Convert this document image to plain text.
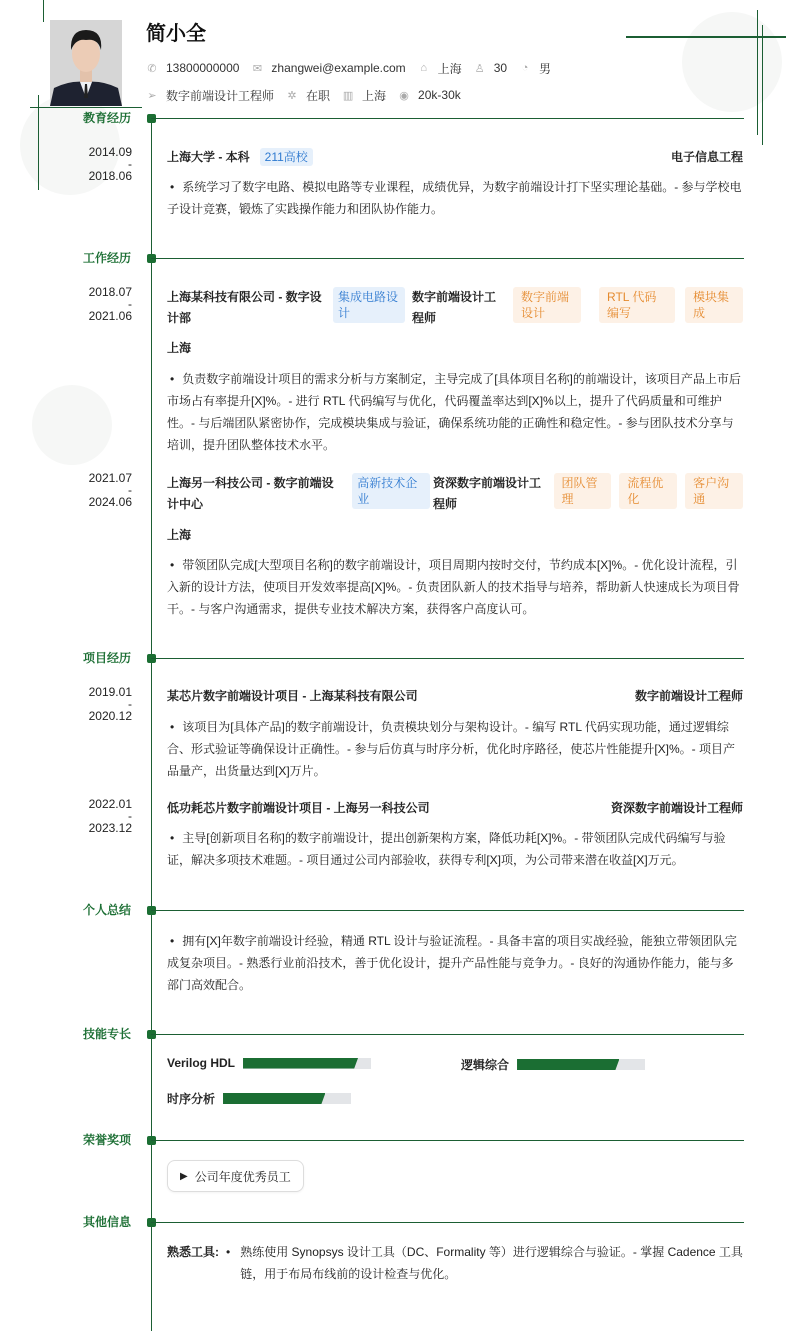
简小全
✆ 13800000000 ✉ zhangwei@example.com ⌂ 上海 ♙ 30 ◔ 男
➢ 数字前端设计工程师 ✲ 在职 ▥ 上海 ◉ 20k-30k
教育经历
2014.09
-
2018.06
上海大学 - 本科	211高校	电子信息工程
• 系统学习了数字电路、模拟电路等专业课程，成绩优异，为数字前端设计打下坚实理论基础。- 参与学校电子设计竞赛，锻炼了实践操作能力和团队协作能力。
工作经历
2018.07
-
2021.06
上海某科技有限公司 - 数字设计部
集成电路设计
数字前端设计工程师
数字前端设计
RTL 代码编写
模块集成
上海
• 负责数字前端设计项目的需求分析与方案制定，主导完成了[具体项目名称]的前端设计，该项目产品上市后市场占有率提升[X]%。- 进行 RTL 代码编写与优化，代码覆盖率达到[X]%以上，提升了代码质量和可维护性。- 与后端团队紧密协作，完成模块集成与验证，确保系统功能的正确性和稳定性。- 参与团队技术分享与培训，提升团队整体技术水平。
2021.07
-
2024.06
上海另一科技公司 - 数字前端设计中心
高新技术企业
资深数字前端设计工程师
团队管理
流程优化
客户沟通
上海
• 带领团队完成[大型项目名称]的数字前端设计，项目周期内按时交付，节约成本[X]%。- 优化设计流程，引入新的设计方法，使项目开发效率提高[X]%。- 负责团队新人的技术指导与培养，帮助新人快速成长为项目骨干。- 与客户沟通需求，提供专业技术解决方案，获得客户高度认可。
项目经历
2019.01
-
2020.12
某芯片数字前端设计项目 - 上海某科技有限公司	数字前端设计工程师
• 该项目为[具体产品]的数字前端设计，负责模块划分与架构设计。- 编写 RTL 代码实现功能，通过逻辑综合、形式验证等确保设计正确性。- 参与后仿真与时序分析，优化时序路径，使芯片性能提升[X]%。- 项目产品量产，出货量达到[X]万片。
2022.01
-
2023.12
低功耗芯片数字前端设计项目 - 上海另一科技公司	资深数字前端设计工程师
• 主导[创新项目名称]的数字前端设计，提出创新架构方案，降低功耗[X]%。- 带领团队完成代码编写与验证，解决多项技术难题。- 项目通过公司内部验收，获得专利[X]项，为公司带来潜在收益[X]万元。
个人总结
• 拥有[X]年数字前端设计经验，精通 RTL 设计与验证流程。- 具备丰富的项目实战经验，能独立带领团队完成复杂项目。- 熟悉行业前沿技术，善于优化设计，提升产品性能与竞争力。- 良好的沟通协作能力，能与多部门高效配合。
技能专长
Verilog HDL	逻辑综合
时序分析
荣誉奖项
▶ 公司年度优秀员工
其他信息
熟悉工具: • 熟练使用 Synopsys 设计工具（DC、Formality 等）进行逻辑综合与验证。- 掌握 Cadence 工具链，用于布局布线前的设计检查与优化。
